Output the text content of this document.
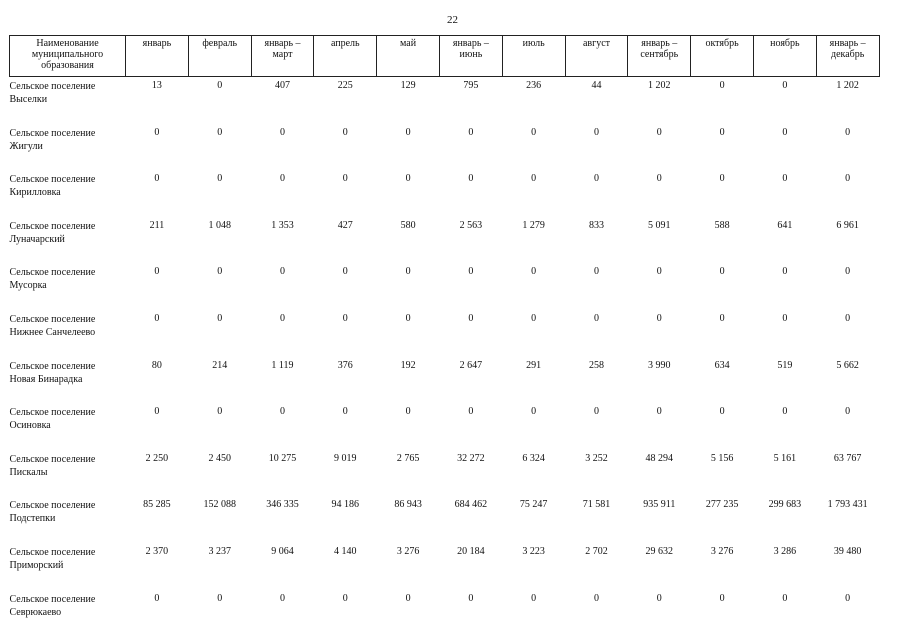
22
Наименование муниципального образования	январь	февраль	январь – март	апрель	май	январь – июнь	июль	август	январь – сентябрь	октябрь	ноябрь	январь – декабрь
Сельское поселение Выселки	13	0	407	225	129	795	236	44	1 202	0	0	1 202
Сельское поселение Жигули	0	0	0	0	0	0	0	0	0	0	0	0
Сельское поселение Кирилловка	0	0	0	0	0	0	0	0	0	0	0	0
Сельское поселение Луначарский	211	1 048	1 353	427	580	2 563	1 279	833	5 091	588	641	6 961
Сельское поселение Мусорка	0	0	0	0	0	0	0	0	0	0	0	0
Сельское поселение Нижнее Санчелеево	0	0	0	0	0	0	0	0	0	0	0	0
Сельское поселение Новая Бинарадка	80	214	1 119	376	192	2 647	291	258	3 990	634	519	5 662
Сельское поселение Осиновка	0	0	0	0	0	0	0	0	0	0	0	0
Сельское поселение Пискалы	2 250	2 450	10 275	9 019	2 765	32 272	6 324	3 252	48 294	5 156	5 161	63 767
Сельское поселение Подстепки	85 285	152 088	346 335	94 186	86 943	684 462	75 247	71 581	935 911	277 235	299 683	1 793 431
Сельское поселение Приморский	2 370	3 237	9 064	4 140	3 276	20 184	3 223	2 702	29 632	3 276	3 286	39 480
Сельское поселение Севрюкаево	0	0	0	0	0	0	0	0	0	0	0	0
